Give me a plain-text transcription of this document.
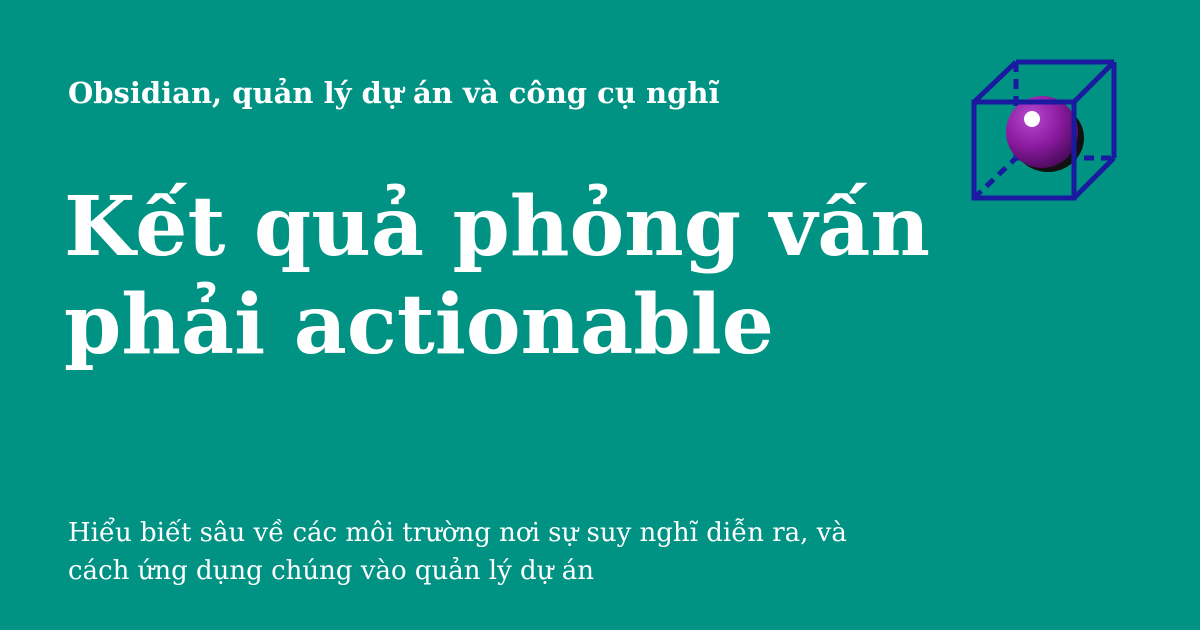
Obsidian, quản lý dự án và công cụ nghĩ

Kết quả phỏng vấn
phải actionable

Hiểu biết sâu về các môi trường nơi sự suy nghĩ diễn ra, và
cách ứng dụng chúng vào quản lý dự án
